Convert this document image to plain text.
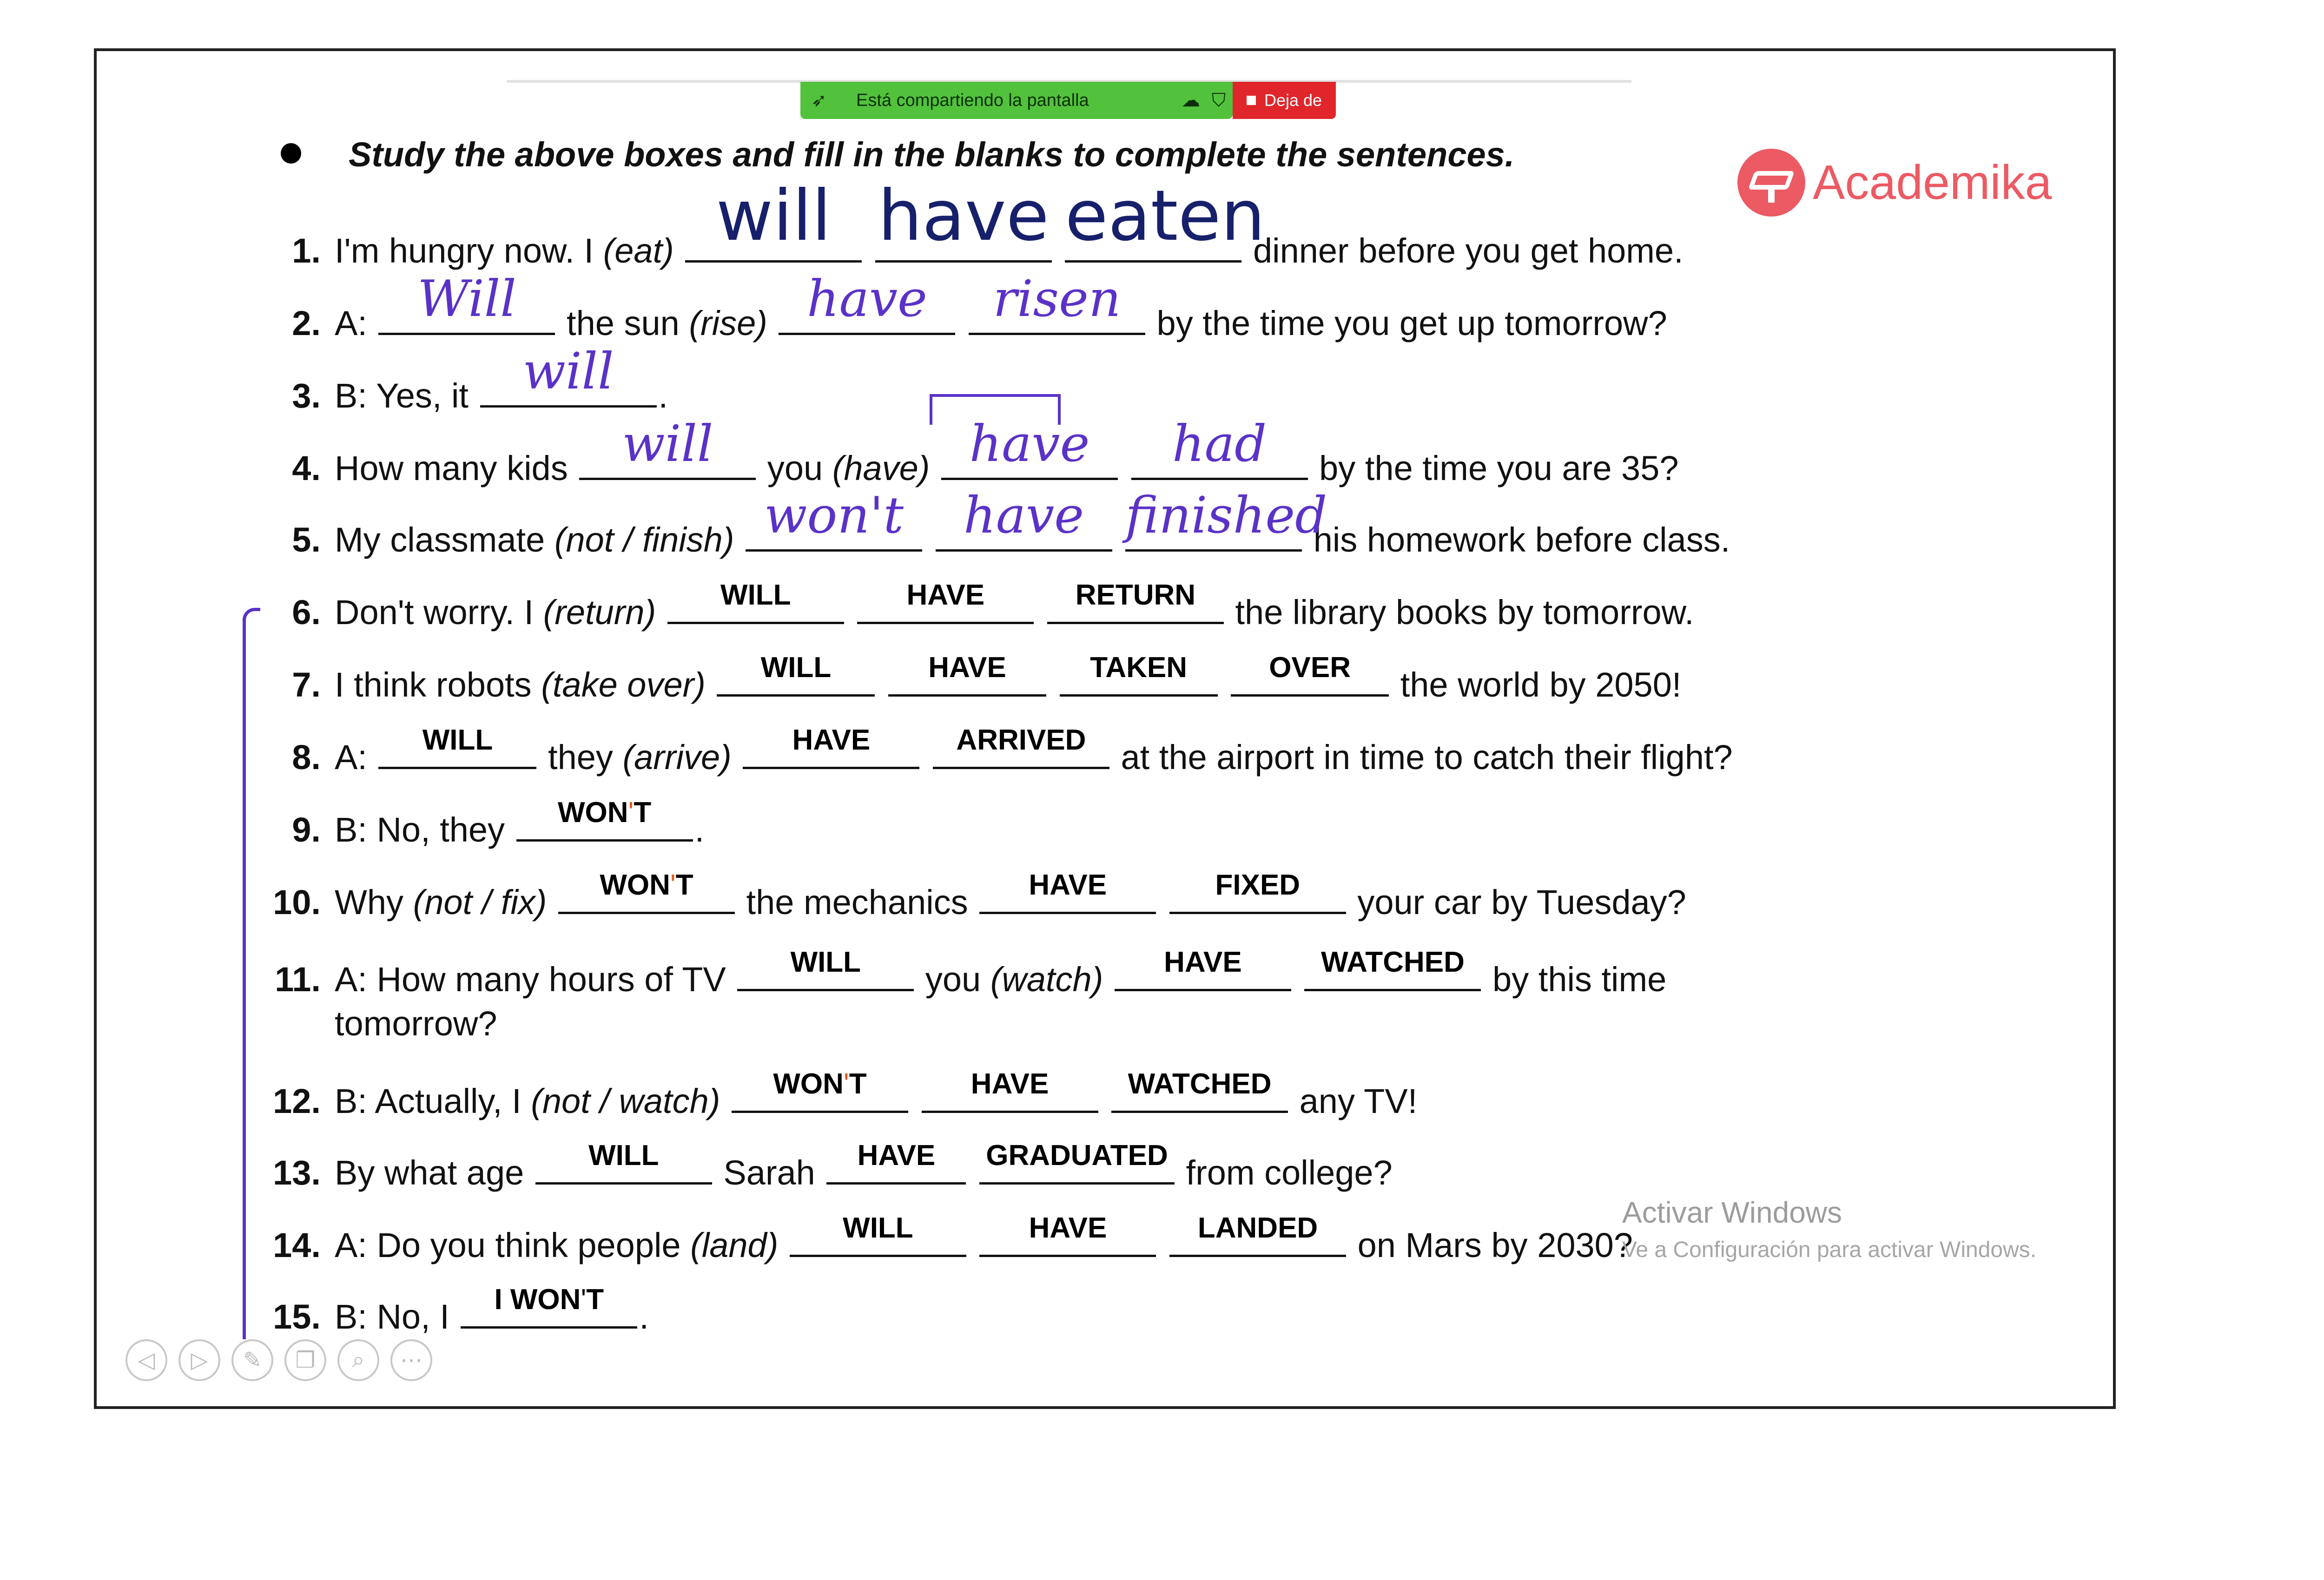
➶	Está compartiendo la pantalla	☁ ⛉	Deja de
Study the above boxes and fill in the blanks to complete the sentences.
Academika
1. I'm hungry now. I (eat) will
have
eaten
dinner before you get home.
2. A: Will	the sun (rise) have
	risen by the time you get up tomorrow?
3. B: Yes, it will	.
4. How many kids will	you (have) have
	had	by the time you are 35?
5. My classmate (not / finish) won't
	have
finished
his homework before class.
6. Don't worry. I (return)	WILL
	HAVE
	RETURN the library books by tomorrow.
7. I think robots (take over)	WILL
	HAVE
	TAKEN
	OVER	the world by 2050!
8. A:	WILL	they (arrive)	HAVE
	ARRIVED at the airport in time to catch their flight?
9. B: No, they	WON'T	.
10. Why (not / fix)	WON'T	the mechanics	HAVE
	FIXED	your car by Tuesday?
11. A: How many hours of TV	WILL	you (watch)	HAVE
	WATCHED by this time
tomorrow?
12. B: Actually, I (not / watch)	WON'T
	HAVE
	WATCHED any TV!
13. By what age	WILL	Sarah	HAVE
	GRADUATED from college?
14. A: Do you think people (land)	WILL
	HAVE
	LANDED on Mars by 2030?
15. B: No, I	I WON'T	.
Activar Windows
Ve a Configuración para activar Windows.
◁	▷	✎	❐	⌕	⋯
